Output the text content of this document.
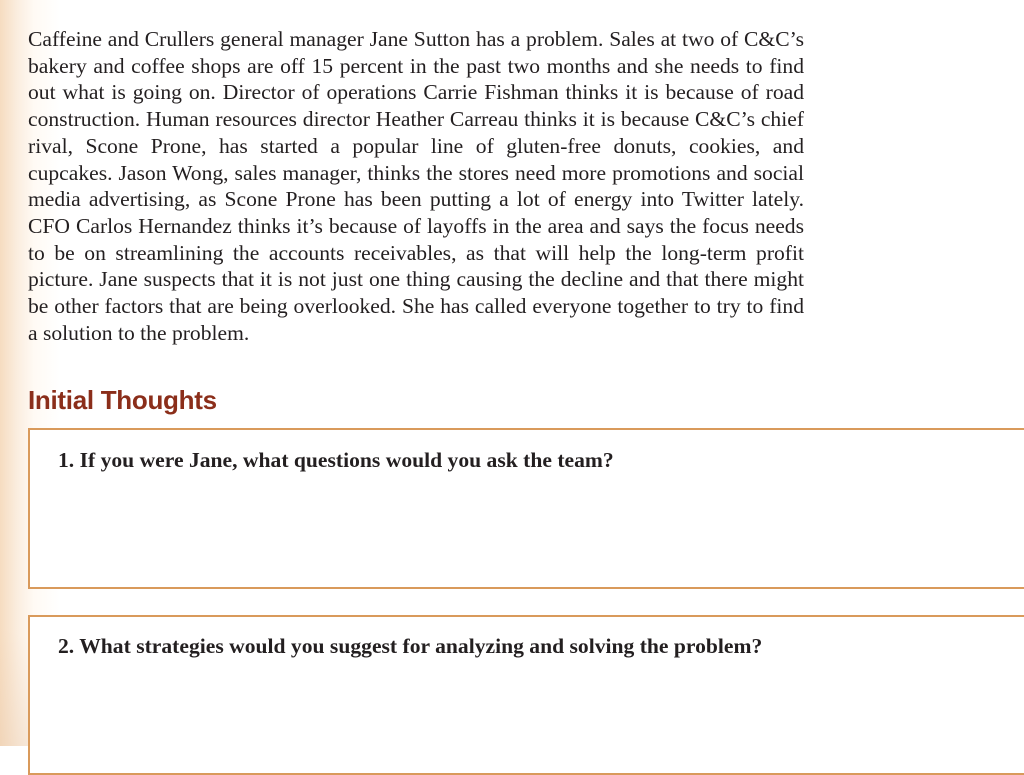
Caffeine and Crullers general manager Jane Sutton has a problem. Sales at two of C&C’s bakery and coffee shops are off 15 percent in the past two months and she needs to find out what is going on. Director of operations Carrie Fishman thinks it is because of road construction. Human resources director Heather Carreau thinks it is because C&C’s chief rival, Scone Prone, has started a popular line of gluten-free donuts, cookies, and cupcakes. Jason Wong, sales manager, thinks the stores need more promotions and social media advertising, as Scone Prone has been putting a lot of energy into Twitter lately. CFO Carlos Hernandez thinks it’s because of layoffs in the area and says the focus needs to be on streamlining the accounts receivables, as that will help the long-term profit picture. Jane suspects that it is not just one thing causing the decline and that there might be other factors that are being overlooked. She has called everyone together to try to find a solution to the problem.

Initial Thoughts

1. If you were Jane, what questions would you ask the team?

2. What strategies would you suggest for analyzing and solving the problem?
